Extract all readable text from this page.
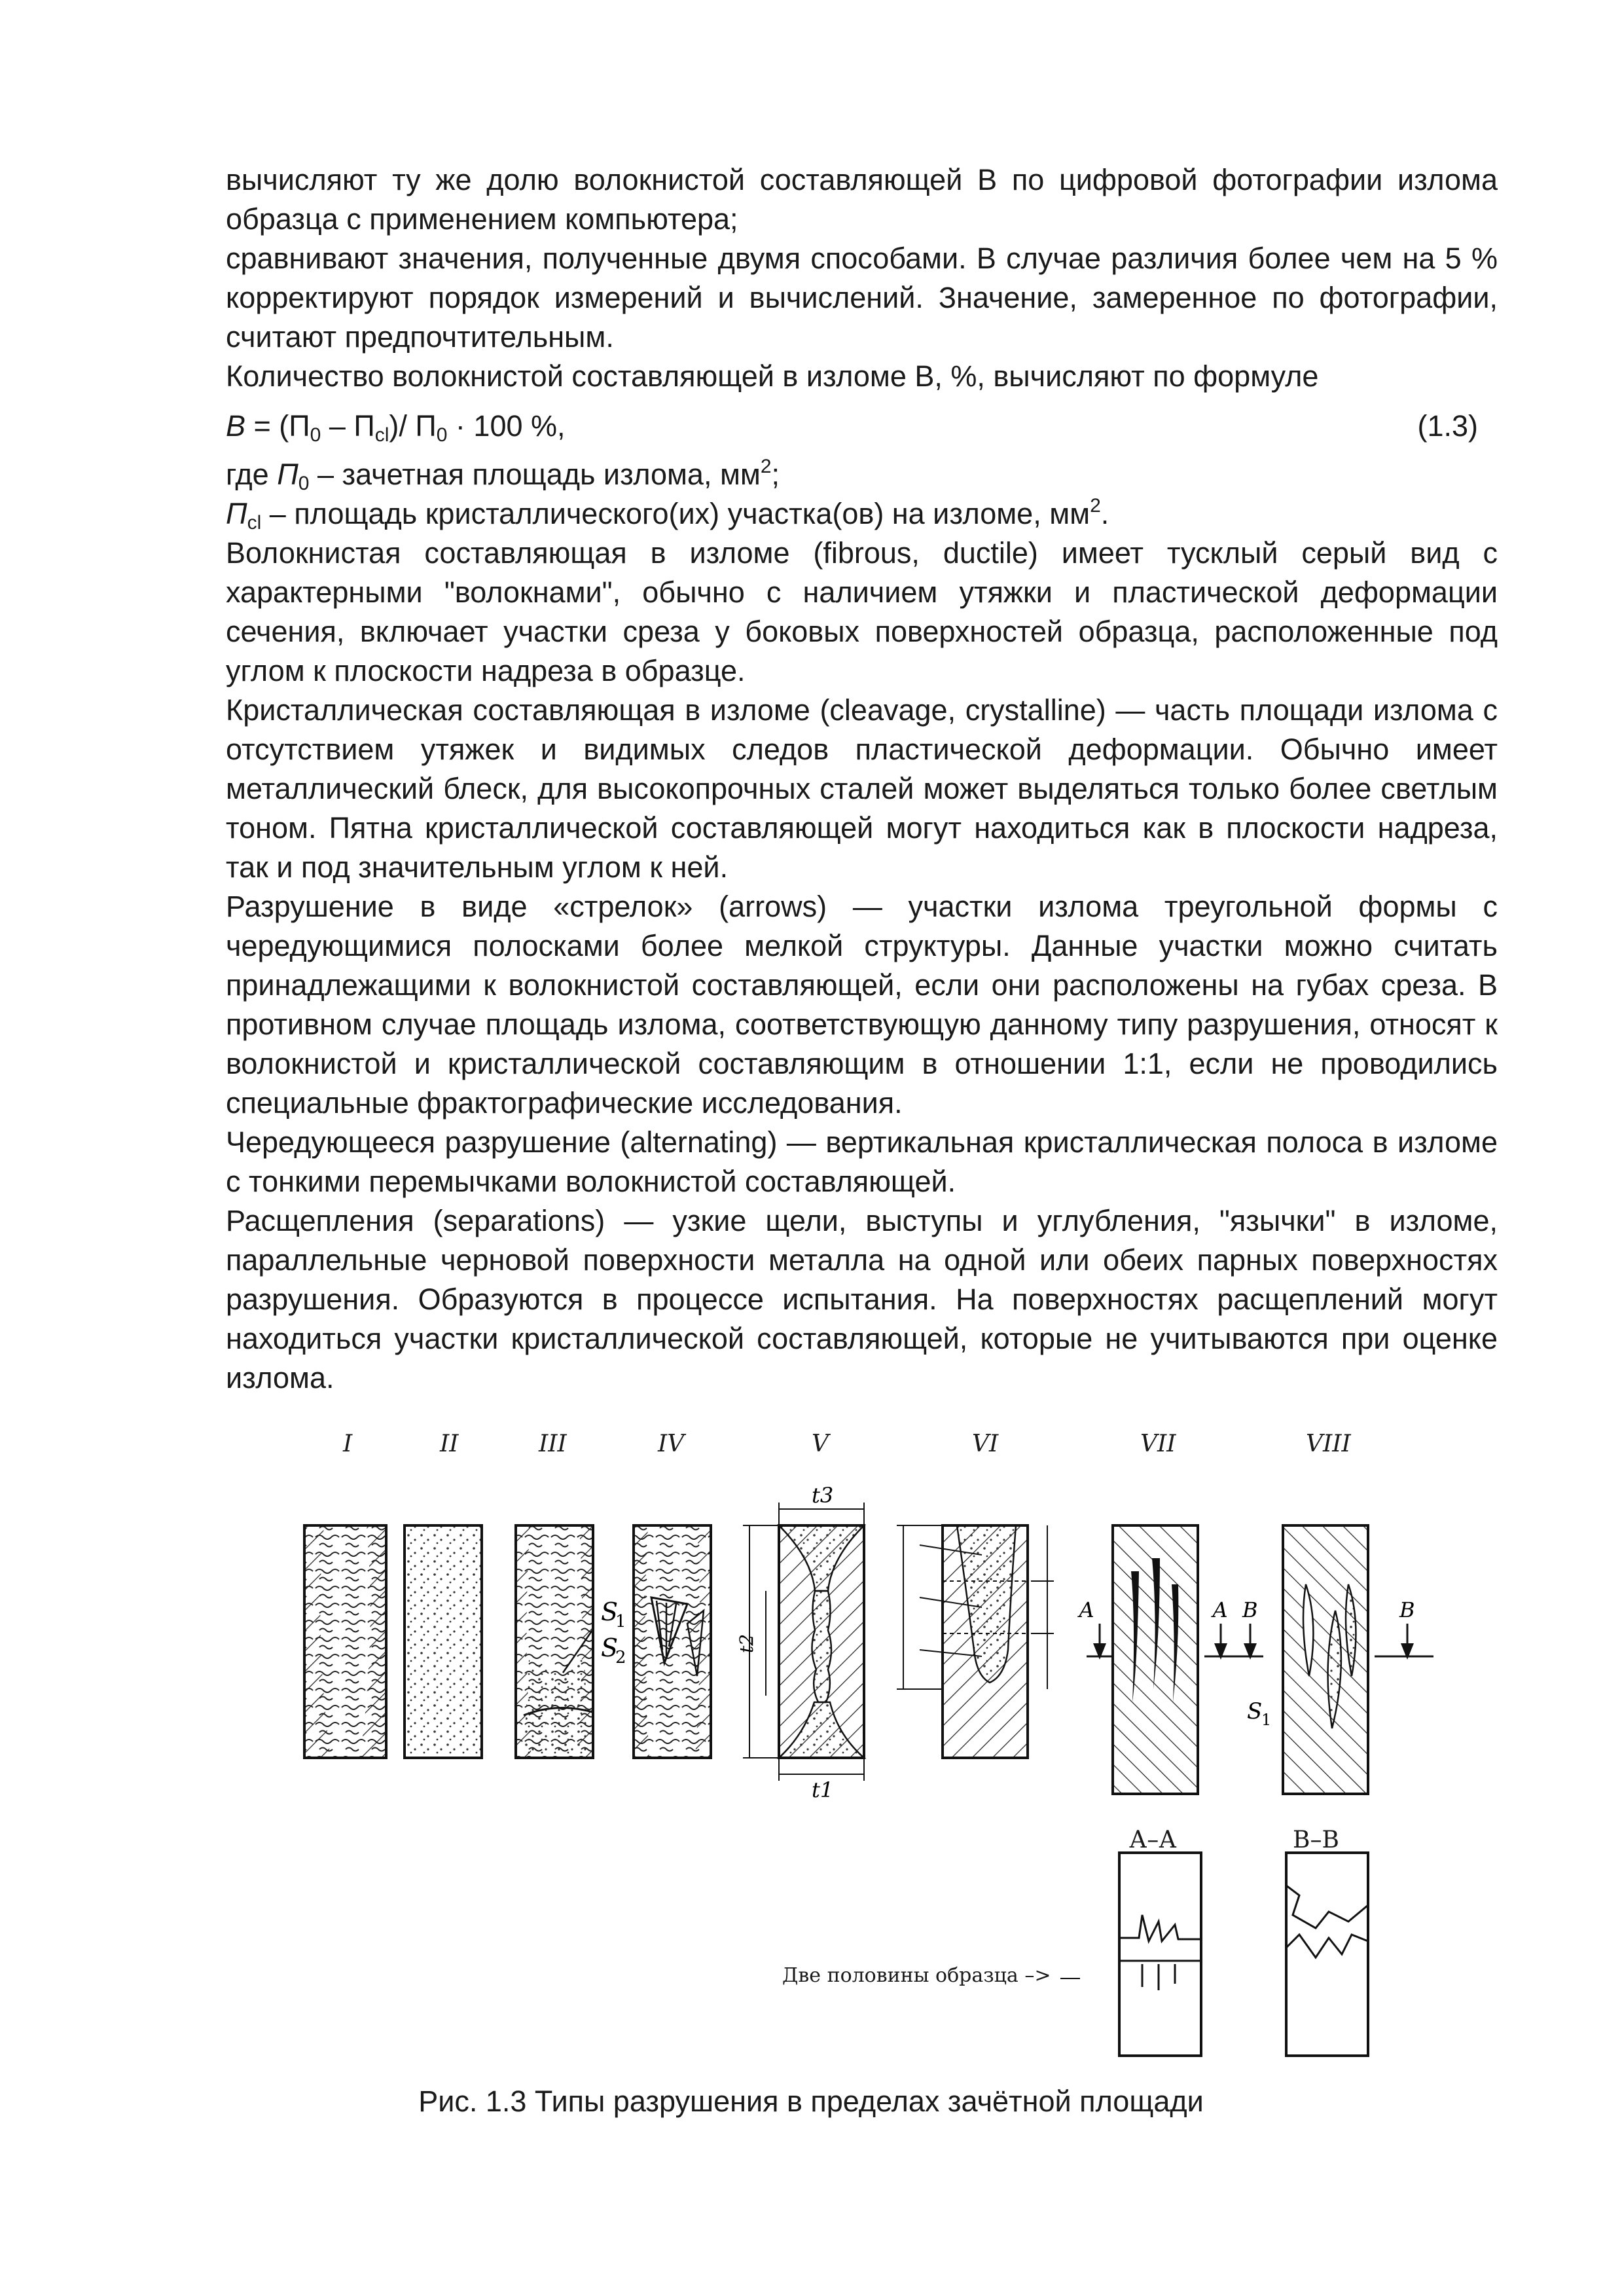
вычисляют ту же долю волокнистой составляющей В по цифровой фотографии излома образца с применением компьютера;

сравнивают значения, полученные двумя способами. В случае различия более чем на 5 % корректируют порядок измерений и вычислений. Значение, замеренное по фотографии, считают предпочтительным.

Количество волокнистой составляющей в изломе В, %, вычисляют по формуле

$В = (П_0 - П_{cl})/$ $П_0 \cdot 100$ %,	(1.3)

где $П_0$ – зачетная площадь излома, $мм^2$;

$П_{cl}$ – площадь кристаллического(их) участка(ов) на изломе, $мм^2$.

Волокнистая составляющая в изломе (fibrous, ductile) имеет тусклый серый вид с характерными "волокнами", обычно с наличием утяжки и пластической деформации сечения, включает участки среза у боковых поверхностей образца, расположенные под углом к плоскости надреза в образце.

Кристаллическая составляющая в изломе (cleavage, crystalline) — часть площади излома с отсутствием утяжек и видимых следов пластической деформации. Обычно имеет металлический блеск, для высокопрочных сталей может выделяться только более светлым тоном. Пятна кристаллической составляющей могут находиться как в плоскости надреза, так и под значительным углом к ней.

Разрушение в виде «стрелок» (arrows) — участки излома треугольной формы с чередующимися полосками более мелкой структуры. Данные участки можно считать принадлежащими к волокнистой составляющей, если они расположены на губах среза. В противном случае площадь излома, соответствующую данному типу разрушения, относят к волокнистой и кристаллической составляющим в отношении 1:1, если не проводились специальные фрактографические исследования.

Чередующееся разрушение (alternating) — вертикальная кристаллическая полоса в изломе с тонкими перемычками волокнистой составляющей.

Расщепления (separations) — узкие щели, выступы и углубления, "язычки" в изломе, параллельные черновой поверхности металла на одной или обеих парных поверхностях разрушения. Образуются в процессе испытания. На поверхностях расщеплений могут находиться участки кристаллической составляющей, которые не учитываются при оценке излома.

I	II	III	IV	V	VI	VII	VIII
S
1
S
2
t3
t1
t2
А	А В	В
S
1
А–А	В–В
Две половины образца –>
Рис. 1.3 Типы разрушения в пределах зачётной площади
